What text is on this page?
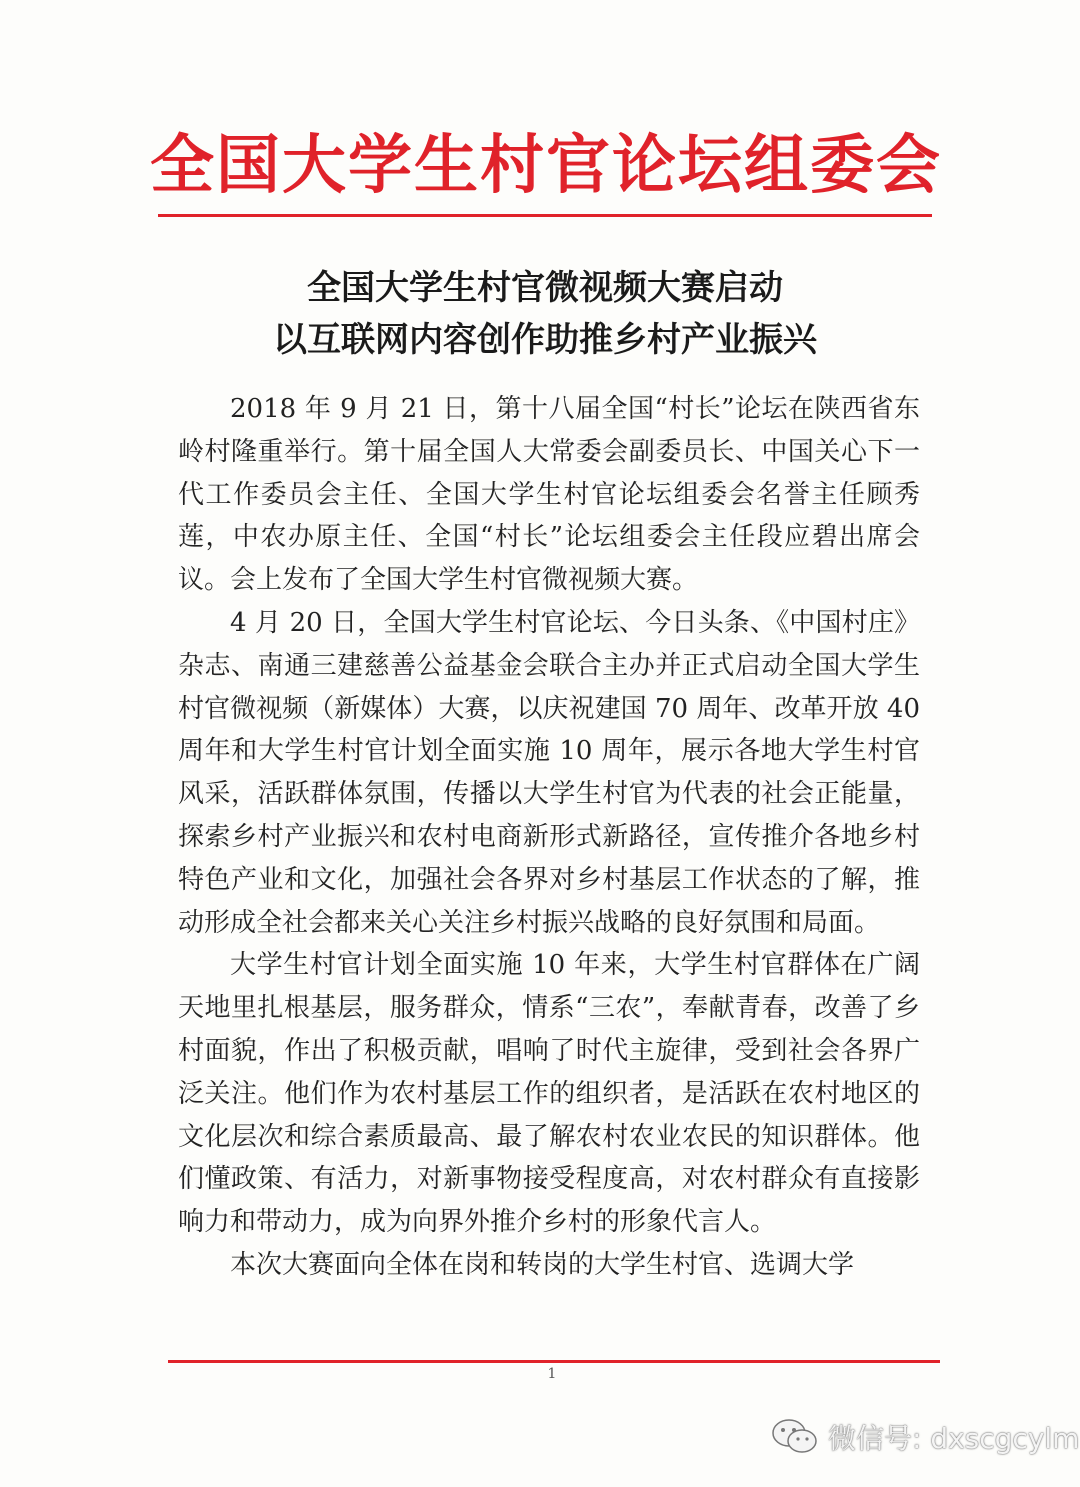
全国大学生村官论坛组委会
全国大学生村官微视频大赛启动
以互联网内容创作助推乡村产业振兴

2018 年 9 月 21 日，第十八届全国“村长”论坛在陕西省东岭村隆重举行。第十届全国人大常委会副委员长、中国关心下一代工作委员会主任、全国大学生村官论坛组委会名誉主任顾秀莲，中农办原主任、全国“村长”论坛组委会主任段应碧出席会议。会上发布了全国大学生村官微视频大赛。

4 月 20 日，全国大学生村官论坛、今日头条、《中国村庄》杂志、南通三建慈善公益基金会联合主办并正式启动全国大学生村官微视频（新媒体）大赛，以庆祝建国 70 周年、改革开放 40 周年和大学生村官计划全面实施 10 周年，展示各地大学生村官风采，活跃群体氛围，传播以大学生村官为代表的社会正能量，探索乡村产业振兴和农村电商新形式新路径，宣传推介各地乡村特色产业和文化，加强社会各界对乡村基层工作状态的了解，推动形成全社会都来关心关注乡村振兴战略的良好氛围和局面。

大学生村官计划全面实施 10 年来，大学生村官群体在广阔天地里扎根基层，服务群众，情系“三农”，奉献青春，改善了乡村面貌，作出了积极贡献，唱响了时代主旋律，受到社会各界广泛关注。他们作为农村基层工作的组织者，是活跃在农村地区的文化层次和综合素质最高、最了解农村农业农民的知识群体。他们懂政策、有活力，对新事物接受程度高，对农村群众有直接影响力和带动力，成为向界外推介乡村的形象代言人。

本次大赛面向全体在岗和转岗的大学生村官、选调大学

1
微信号: dxscgcylm
